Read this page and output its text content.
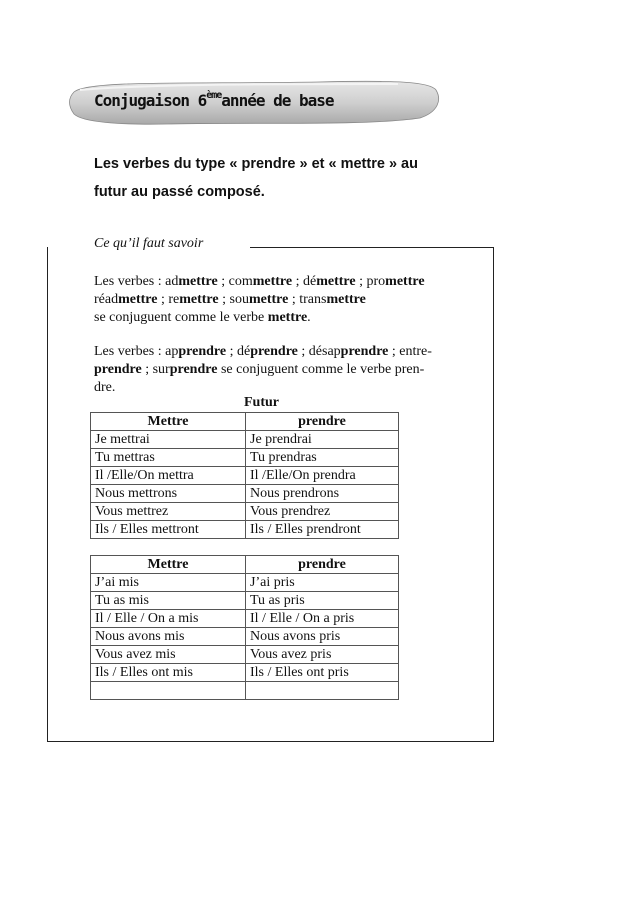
Conjugaison 6èmeannée de base
Les verbes du type « prendre » et « mettre » au
futur au passé composé.
Ce qu’il faut savoir
Les verbes : admettre ; commettre ; démettre ; promettre
réadmettre ; remettre ; soumettre ; transmettre
se conjuguent comme le verbe mettre.
Les verbes : apprendre ; déprendre ; désapprendre ; entre-
prendre ; surprendre se conjuguent comme le verbe pren-
dre.
Futur
Mettre	prendre
Je mettrai	Je prendrai
Tu mettras	Tu prendras
Il /Elle/On mettra	Il /Elle/On prendra
Nous mettrons	Nous prendrons
Vous mettrez	Vous prendrez
Ils / Elles mettront	Ils / Elles prendront
Mettre	prendre
J’ai mis	J’ai pris
Tu as mis	Tu as pris
Il / Elle / On a mis	Il / Elle / On a pris
Nous avons mis	Nous avons pris
Vous avez mis	Vous avez pris
Ils / Elles ont mis	Ils / Elles ont pris
